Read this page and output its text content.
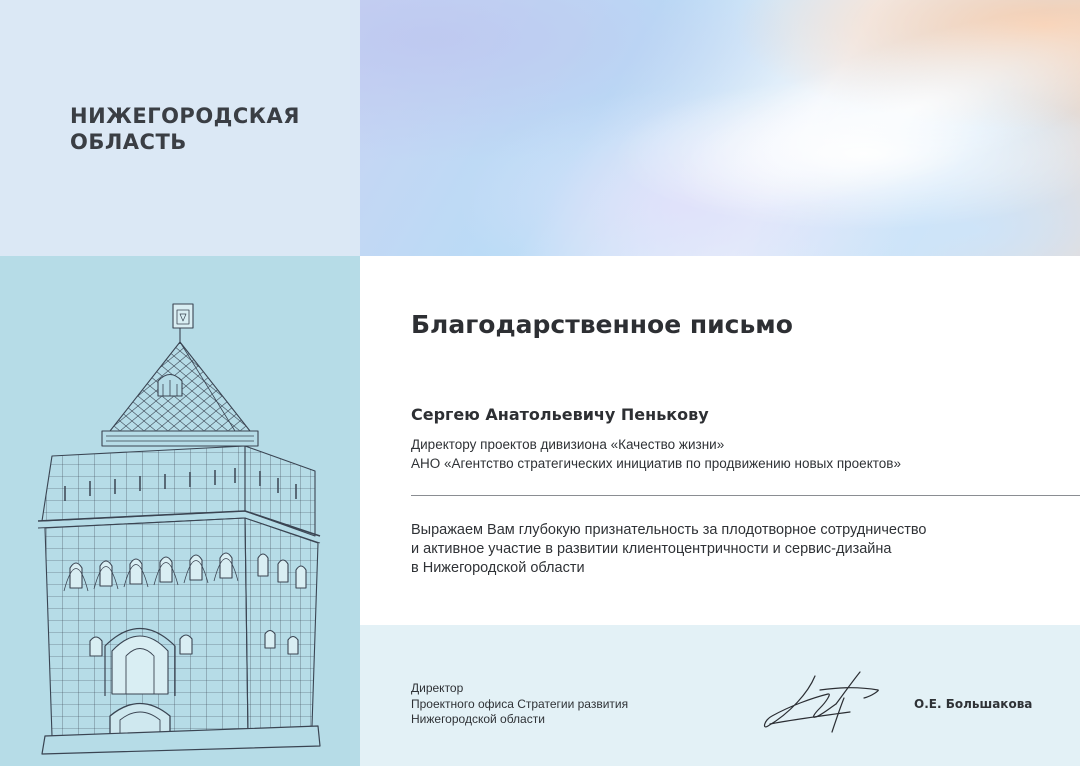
НИЖЕГОРОДСКАЯ
ОБЛАСТЬ
Благодарственное письмо

Сергею Анатольевичу Пенькову

Директору проектов дивизиона «Качество жизни»

АНО «Агентство стратегических инициатив по продвижению новых проектов»

Выражаем Вам глубокую признательность за плодотворное сотрудничество
и активное участие в развитии клиентоцентричности и сервис-дизайна
в Нижегородской области

Директор
Проектного офиса Стратегии развития
Нижегородской области

О.Е. Большакова
